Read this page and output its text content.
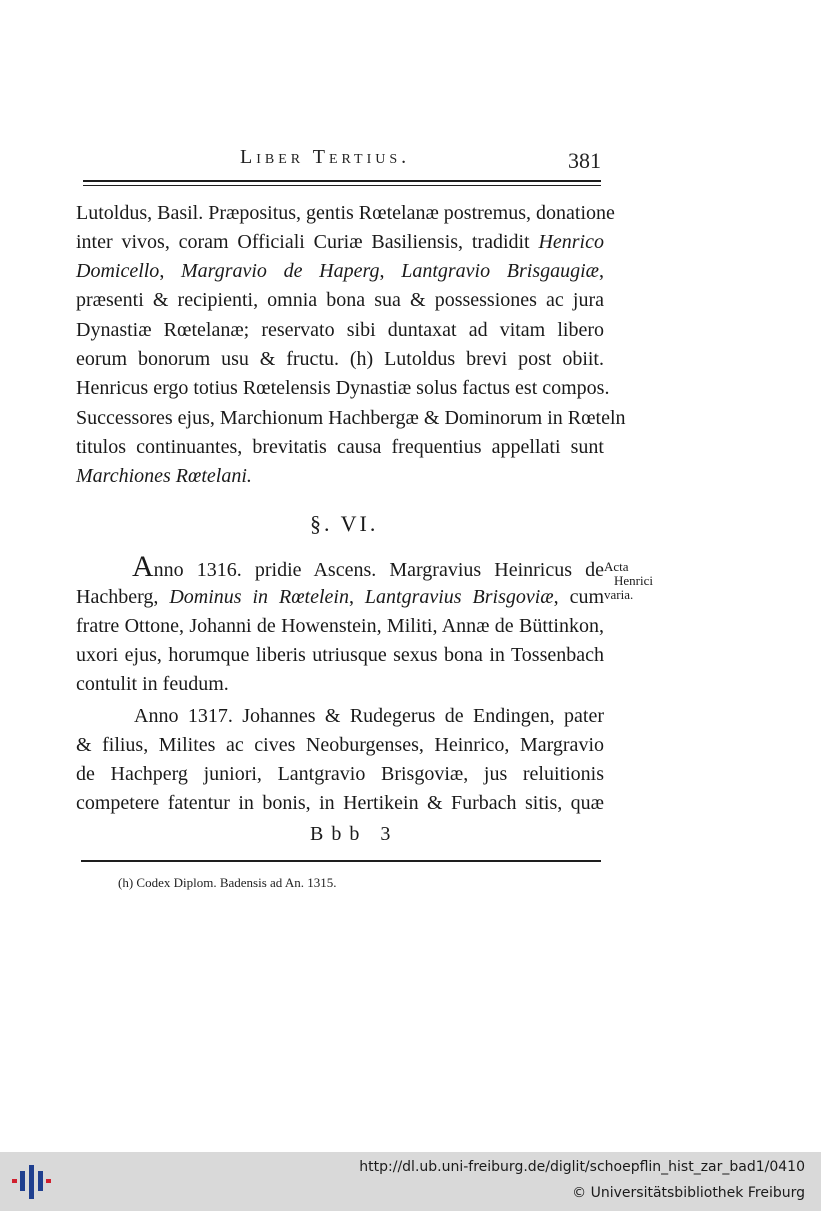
Liber Tertius.	381

Lutoldus, Basil. Præpositus, gentis Rœtelanæ postremus, donatione

inter vivos, coram Officiali Curiæ Basiliensis, tradidit Henrico

Domicello, Margravio de Haperg, Lantgravio Brisgaugiæ,

præsenti & recipienti, omnia bona sua & possessiones ac jura

Dynastiæ Rœtelanæ; reservato sibi duntaxat ad vitam libero

eorum bonorum usu & fructu. (h) Lutoldus brevi post obiit.

Henricus ergo totius Rœtelensis Dynastiæ solus factus est compos.

Successores ejus, Marchionum Hachbergæ & Dominorum in Rœteln

titulos continuantes, brevitatis causa frequentius appellati sunt

Marchiones Rœtelani.

§. VI.

Anno 1316. pridie Ascens. Margravius Heinricus de

Hachberg, Dominus in Rœtelein, Lantgravius Brisgoviæ, cum

fratre Ottone, Johanni de Howenstein, Militi, Annæ de Büttinkon,

uxori ejus, horumque liberis utriusque sexus bona in Tossenbach

contulit in feudum.

Acta
Henrici
varia.

Anno 1317. Johannes & Rudegerus de Endingen, pater

& filius, Milites ac cives Neoburgenses, Heinrico, Margravio

de Hachperg juniori, Lantgravio Brisgoviæ, jus reluitionis

competere fatentur in bonis, in Hertikein & Furbach sitis, quæ

Bbb 3
(h) Codex Diplom. Badensis ad An. 1315.
http://dl.ub.uni-freiburg.de/diglit/schoepflin_hist_zar_bad1/0410
© Universitätsbibliothek Freiburg
